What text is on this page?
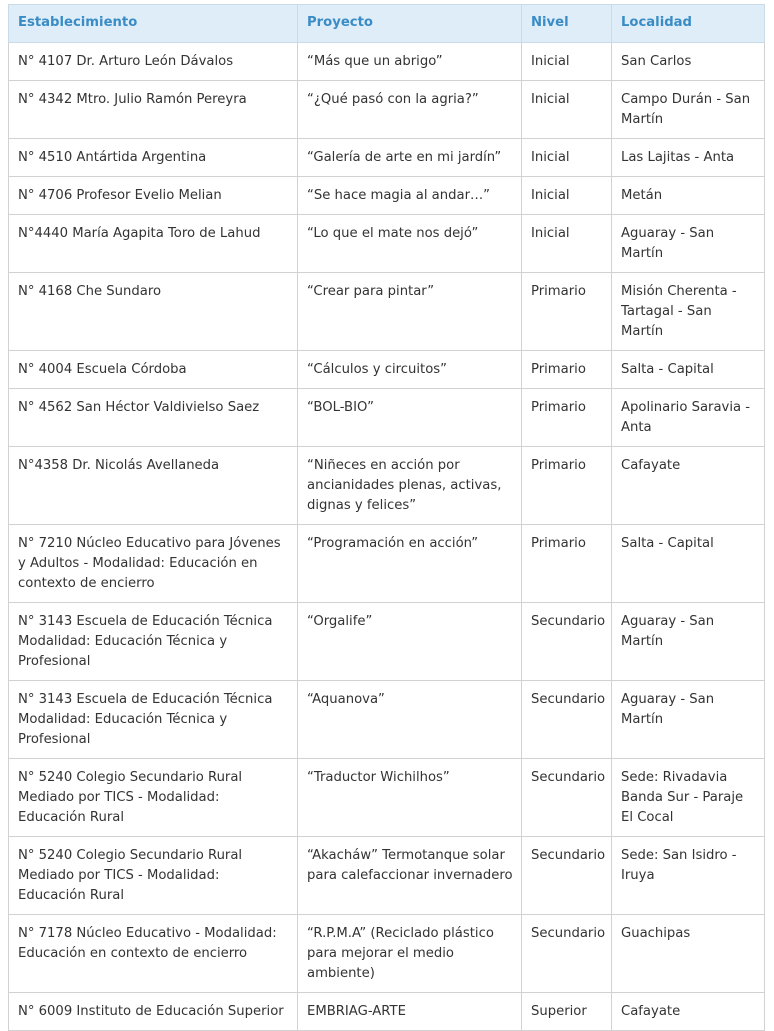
Establecimiento	Proyecto	Nivel	Localidad
N° 4107 Dr. Arturo León Dávalos	“Más que un abrigo”	Inicial	San Carlos
N° 4342 Mtro. Julio Ramón Pereyra	“¿Qué pasó con la agria?”	Inicial	Campo Durán - San Martín
N° 4510 Antártida Argentina	“Galería de arte en mi jardín”	Inicial	Las Lajitas - Anta
N° 4706 Profesor Evelio Melian	“Se hace magia al andar…”	Inicial	Metán
N°4440 María Agapita Toro de Lahud	“Lo que el mate nos dejó”	Inicial	Aguaray - San Martín
N° 4168 Che Sundaro	“Crear para pintar”	Primario	Misión Cherenta - Tartagal - San Martín
N° 4004 Escuela Córdoba	“Cálculos y circuitos”	Primario	Salta - Capital
N° 4562 San Héctor Valdivielso Saez	“BOL-BIO”	Primario	Apolinario Saravia - Anta
N°4358 Dr. Nicolás Avellaneda	“Niñeces en acción por ancianidades plenas, activas, dignas y felices”	Primario	Cafayate
N° 7210 Núcleo Educativo para Jóvenes y Adultos - Modalidad: Educación en contexto de encierro	“Programación en acción”	Primario	Salta - Capital
N° 3143 Escuela de Educación Técnica Modalidad: Educación Técnica y Profesional	“Orgalife”	Secundario	Aguaray - San Martín
N° 3143 Escuela de Educación Técnica Modalidad: Educación Técnica y Profesional	“Aquanova”	Secundario	Aguaray - San Martín
N° 5240 Colegio Secundario Rural Mediado por TICS - Modalidad: Educación Rural	“Traductor Wichilhos”	Secundario	Sede: Rivadavia Banda Sur - Paraje El Cocal
N° 5240 Colegio Secundario Rural Mediado por TICS - Modalidad: Educación Rural	“Akacháw” Termotanque solar para calefaccionar invernadero	Secundario	Sede: San Isidro - Iruya
N° 7178 Núcleo Educativo - Modalidad: Educación en contexto de encierro	“R.P.M.A” (Reciclado plástico para mejorar el medio ambiente)	Secundario	Guachipas
N° 6009 Instituto de Educación Superior	EMBRIAG-ARTE	Superior	Cafayate
